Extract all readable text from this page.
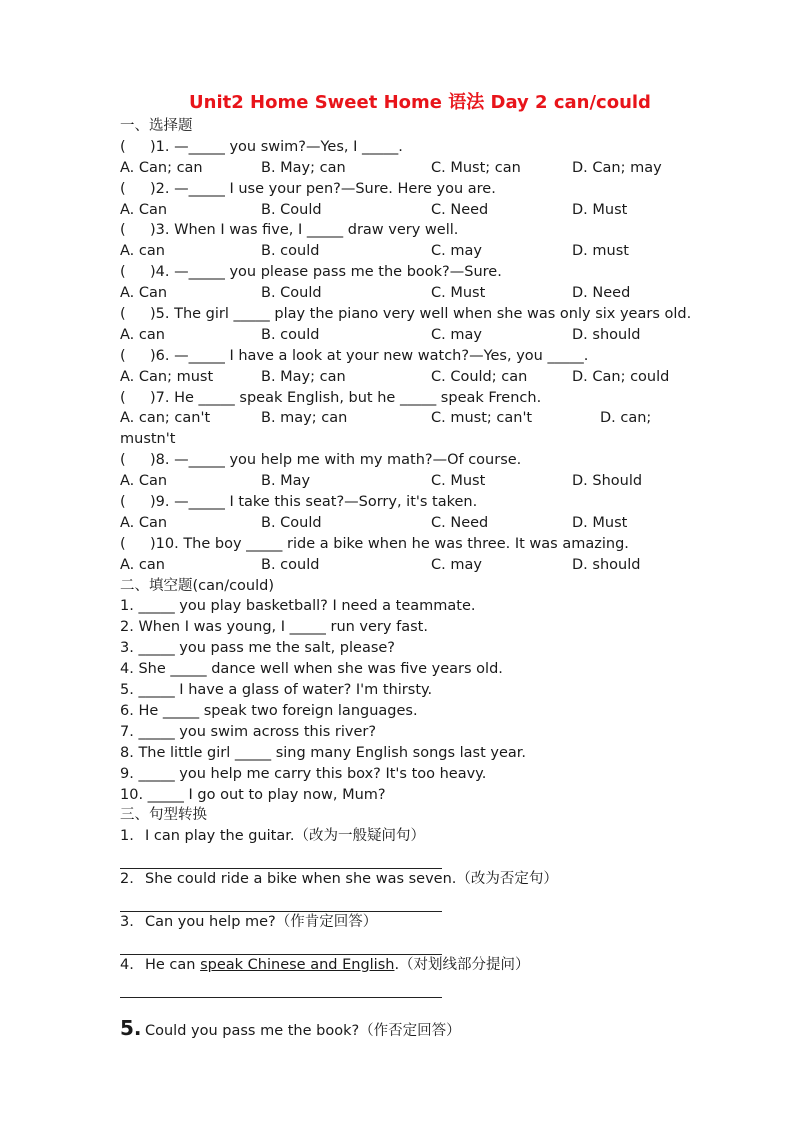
Unit2 Home Sweet Home 语法 Day 2 can/could
一、选择题
( )1. —_____ you swim?—Yes, I _____.
A. Can; can	B. May; can	C. Must; can	D. Can; may
( )2. —_____ I use your pen?—Sure. Here you are.
A. Can	B. Could	C. Need	D. Must
( )3. When I was five, I _____ draw very well.
A. can	B. could	C. may	D. must
( )4. —_____ you please pass me the book?—Sure.
A. Can	B. Could	C. Must	D. Need
( )5. The girl _____ play the piano very well when she was only six years old.
A. can	B. could	C. may	D. should
( )6. —_____ I have a look at your new watch?—Yes, you _____.
A. Can; must	B. May; can	C. Could; can	D. Can; could
( )7. He _____ speak English, but he _____ speak French.
A. can; can't	B. may; can	C. must; can't	D. can;
mustn't
( )8. —_____ you help me with my math?—Of course.
A. Can	B. May	C. Must	D. Should
( )9. —_____ I take this seat?—Sorry, it's taken.
A. Can	B. Could	C. Need	D. Must
( )10. The boy _____ ride a bike when he was three. It was amazing.
A. can	B. could	C. may	D. should
二、填空题(can/could)
1. _____ you play basketball? I need a teammate.
2. When I was young, I _____ run very fast.
3. _____ you pass me the salt, please?
4. She _____ dance well when she was five years old.
5. _____ I have a glass of water? I'm thirsty.
6. He _____ speak two foreign languages.
7. _____ you swim across this river?
8. The little girl _____ sing many English songs last year.
9. _____ you help me carry this box? It's too heavy.
10. _____ I go out to play now, Mum?
三、句型转换
1. I can play the guitar.（改为一般疑问句）
2. She could ride a bike when she was seven.（改为否定句）
3. Can you help me?（作肯定回答）
4. He can speak Chinese and English.（对划线部分提问）
5. Could you pass me the book?（作否定回答）
